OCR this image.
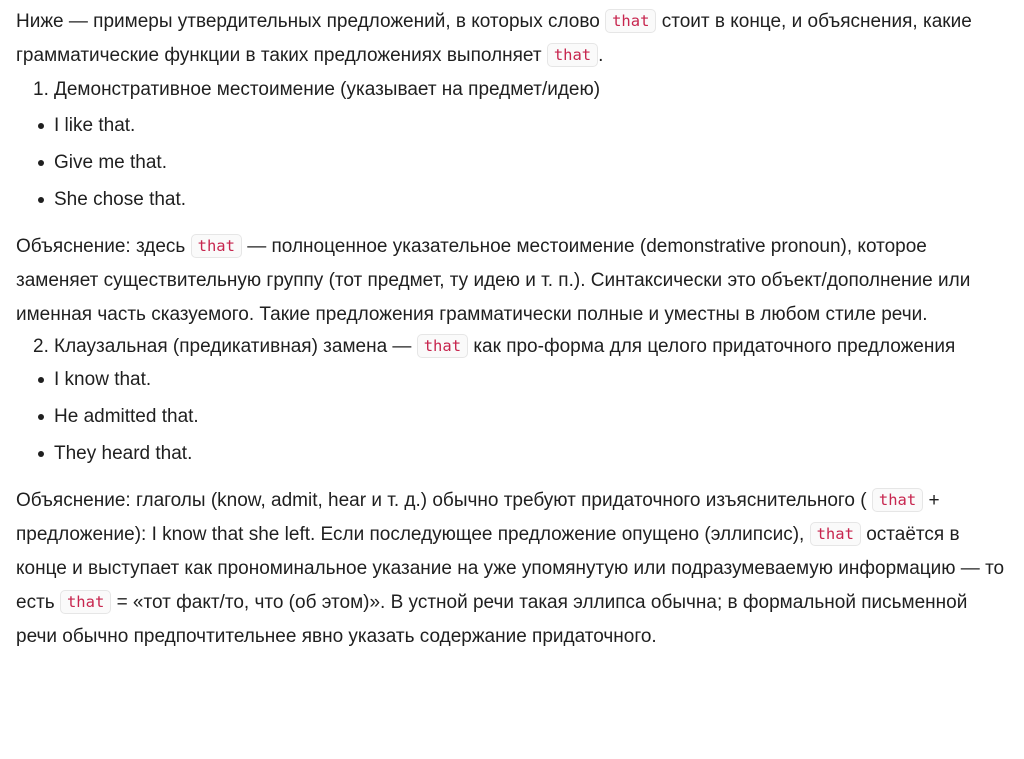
Ниже — примеры утвердительных предложений, в которых слово that стоит в конце, и объяснения, какие грамматические функции в таких предложениях выполняет that .

1. Демонстративное местоимение (указывает на предмет/идею)
I like that.
Give me that.
She chose that.

Объяснение: здесь that — полноценное указательное местоимение (demonstrative pronoun), которое заменяет существительную группу (тот предмет, ту идею и т. п.). Синтаксически это объект/дополнение или именная часть сказуемого. Такие предложения грамматически полные и уместны в любом стиле речи.

2. Клаузальная (предикативная) замена — that как про‑форма для целого придаточного предложения
I know that.
He admitted that.
They heard that.

Объяснение: глаголы (know, admit, hear и т. д.) обычно требуют придаточного изъяснительного ( that + предложение): I know that she left. Если последующее предложение опущено (эллипсис), that остаётся в конце и выступает как прономинальное указание на уже упомянутую или подразумеваемую информацию — то есть that = «тот факт/то, что (об этом)». В устной речи такая эллипса обычна; в формальной письменной речи обычно предпочтительнее явно указать содержание придаточного.
